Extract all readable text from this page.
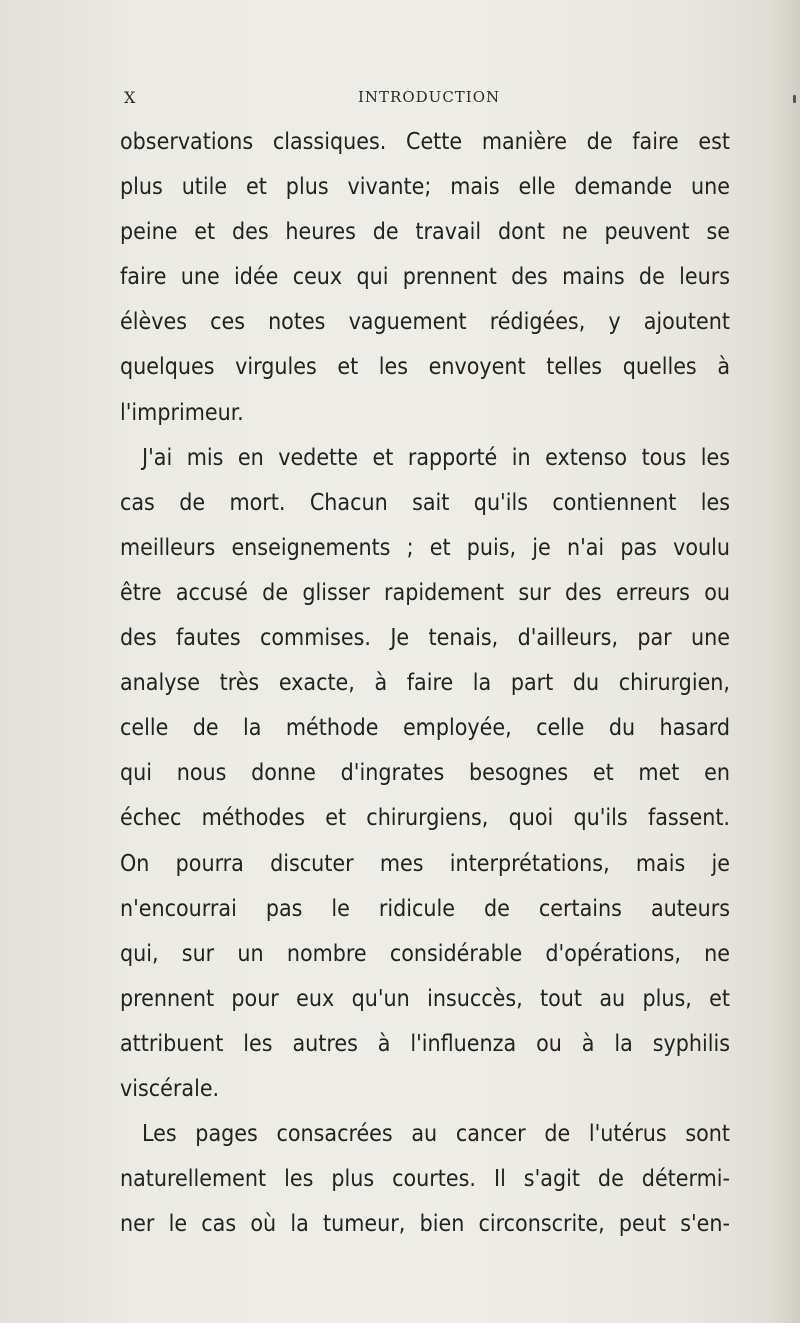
X	INTRODUCTION
observations classiques. Cette manière de faire est
plus utile et plus vivante; mais elle demande une
peine et des heures de travail dont ne peuvent se
faire une idée ceux qui prennent des mains de leurs
élèves ces notes vaguement rédigées, y ajoutent
quelques virgules et les envoyent telles quelles à
l'imprimeur.
J'ai mis en vedette et rapporté in extenso tous les
cas de mort. Chacun sait qu'ils contiennent les
meilleurs enseignements ; et puis, je n'ai pas voulu
être accusé de glisser rapidement sur des erreurs ou
des fautes commises. Je tenais, d'ailleurs, par une
analyse très exacte, à faire la part du chirurgien,
celle de la méthode employée, celle du hasard
qui nous donne d'ingrates besognes et met en
échec méthodes et chirurgiens, quoi qu'ils fassent.
On pourra discuter mes interprétations, mais je
n'encourrai pas le ridicule de certains auteurs
qui, sur un nombre considérable d'opérations, ne
prennent pour eux qu'un insuccès, tout au plus, et
attribuent les autres à l'influenza ou à la syphilis
viscérale.
Les pages consacrées au cancer de l'utérus sont
naturellement les plus courtes. Il s'agit de détermi-
ner le cas où la tumeur, bien circonscrite, peut s'en-
